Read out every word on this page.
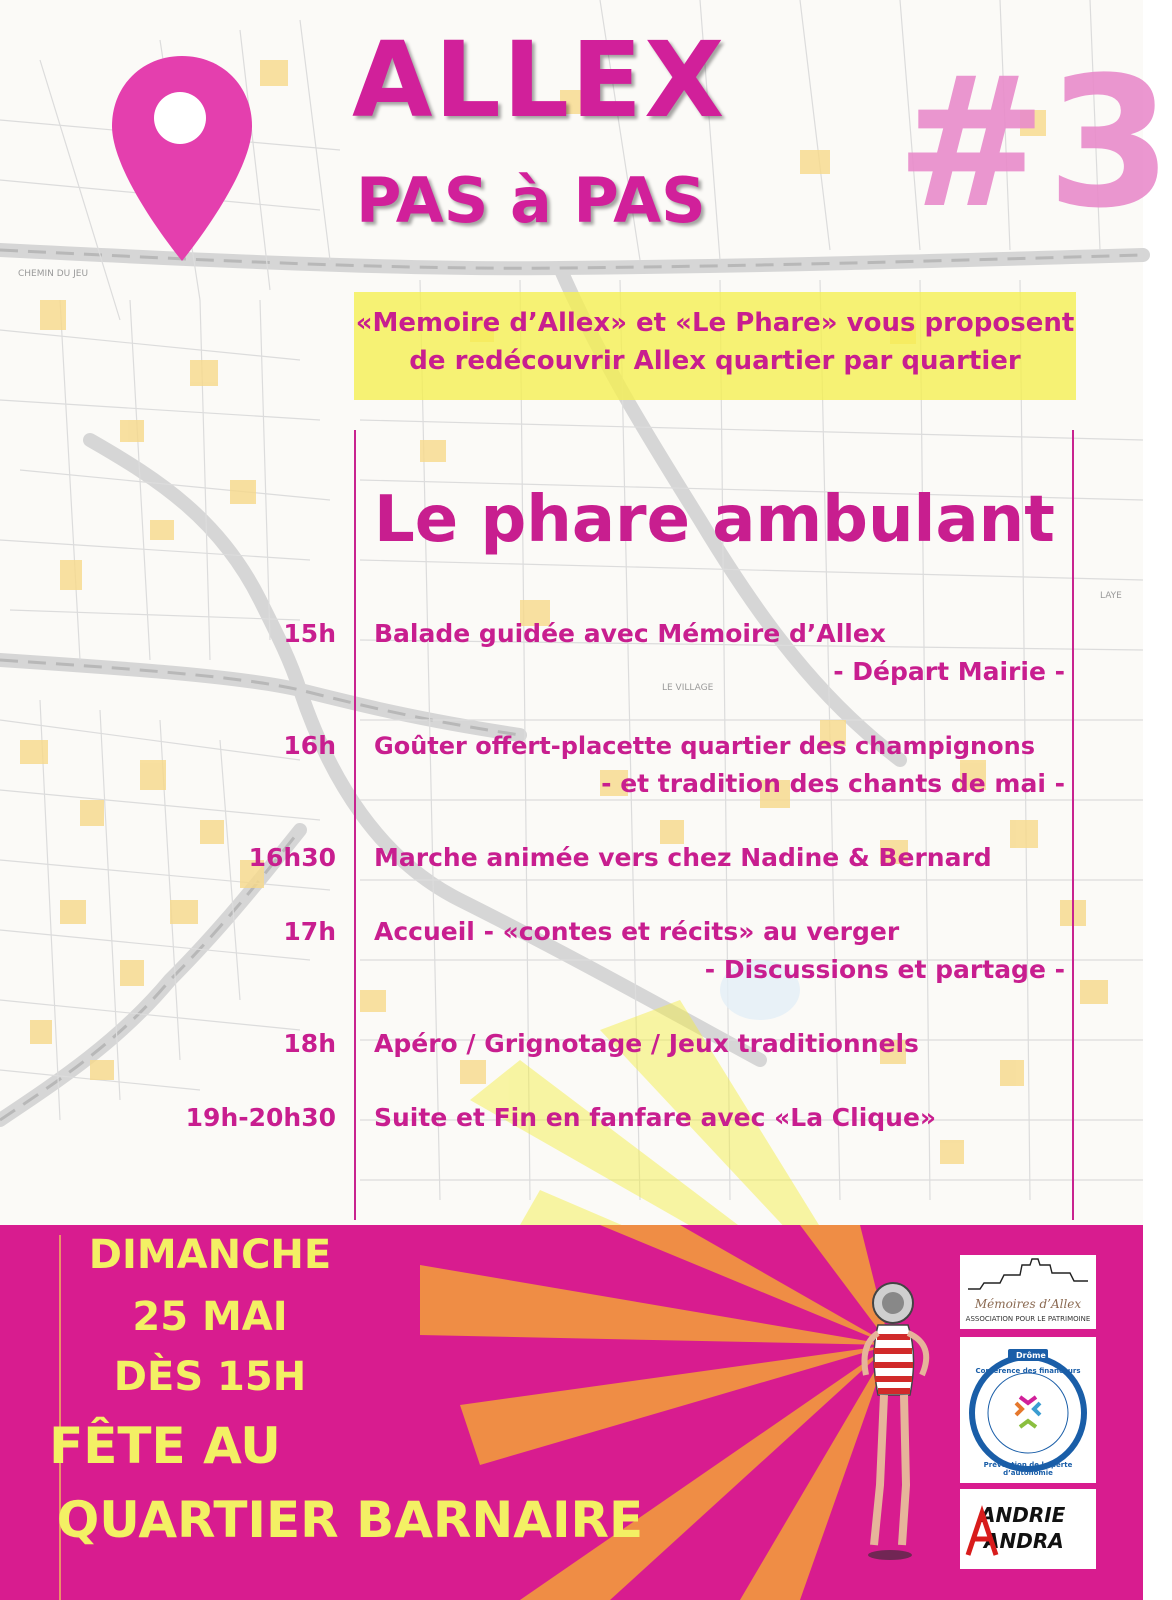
CHEMIN DU JEU
LE VILLAGE
LAYE
ALLEX
PAS à PAS	#3
«Memoire d’Allex» et «Le Phare» vous proposent
de redécouvrir Allex quartier par quartier
Le phare ambulant
15h Balade guidée avec Mémoire d’Allex
- Départ Mairie -
16h Goûter offert-placette quartier des champignons
- et tradition des chants de mai -
16h30 Marche animée vers chez Nadine & Bernard
17h Accueil - «contes et récits» au verger
- Discussions et partage -
18h Apéro / Grignotage / Jeux traditionnels
19h-20h30 Suite et Fin en fanfare avec «La Clique»
DIMANCHE
25 MAI
DÈS 15H
FÊTE AU
QUARTIER BARNAIRE
Mémoires d’Allex
ASSOCIATION POUR LE PATRIMOINE
Drôme
Conférence des financeurs
Prévention de la perte d’autonomie
ANDRIE
ANDRA
